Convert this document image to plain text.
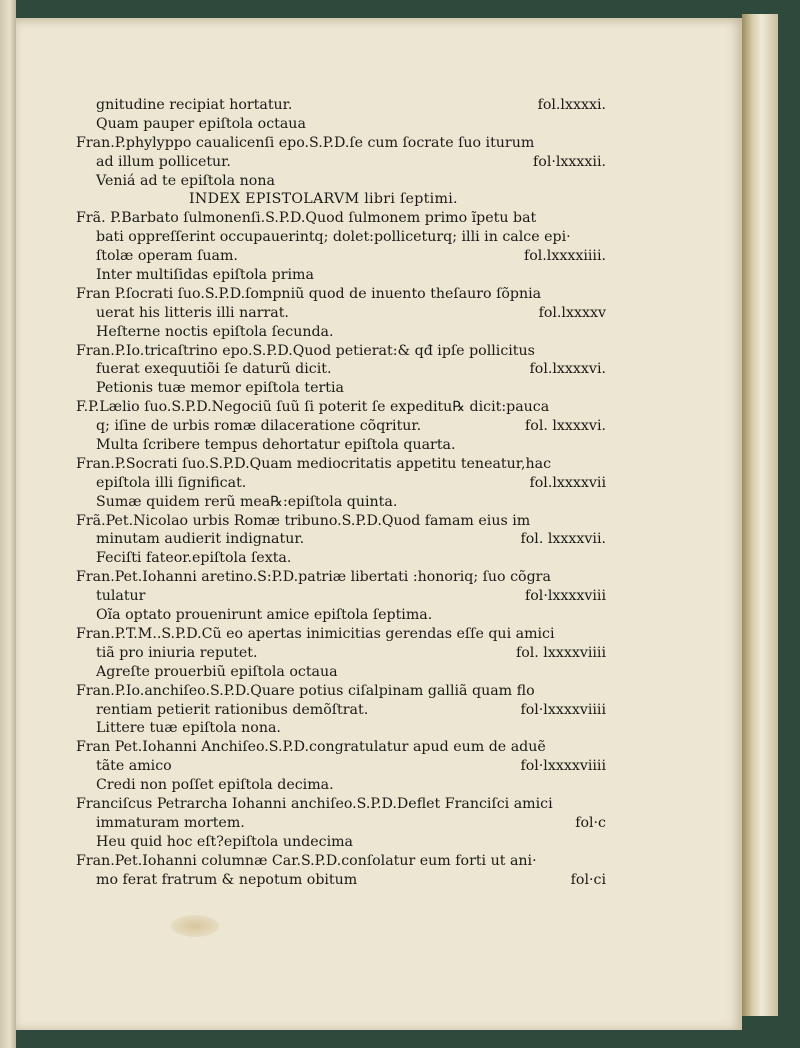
gnitudine recipiat hortatur.	fol.lxxxxi.
Quam pauper epiſtola octaua
Fran.P.phylyppo caualicenſi epo.S.P.D.ſe cum ſocrate ſuo iturum
ad illum pollicetur.	fol·lxxxxii.
Veniá ad te epiſtola nona
INDEX EPISTOLARVM libri ſeptimi.
Frã. P.Barbato ſulmonenſi.S.P.D.Quod ſulmonem primo ĩpetu bat
bati oppreſſerint occupauerintq; dolet:polliceturq; illi in calce epi·
ſtolæ operam ſuam.	fol.lxxxxiiii.
Inter multiſidas epiſtola prima
Fran P.ſocrati ſuo.S.P.D.ſompniũ quod de inuento theſauro ſõpnia
uerat his litteris illi narrat.	fol.lxxxxv
Heſterne noctis epiſtola ſecunda.
Fran.P.Io.tricaſtrino epo.S.P.D.Quod petierat:& qđ ipſe pollicitus
fuerat exequutiõi ſe daturũ dicit.	fol.lxxxxvi.
Petionis tuæ memor epiſtola tertia
F.P.Lælio ſuo.S.P.D.Negociũ ſuũ ſi poterit ſe expeditu℞ dicit:pauca
q; iſine de urbis romæ dilaceratione cõqritur.	fol. lxxxxvi.
Multa ſcribere tempus dehortatur epiſtola quarta.
Fran.P.Socrati ſuo.S.P.D.Quam mediocritatis appetitu teneatur,hac
epiſtola illi ſignificat.	fol.lxxxxvii
Sumæ quidem rerũ mea℞:epiſtola quinta.
Frã.Pet.Nicolao urbis Romæ tribuno.S.P.D.Quod famam eius im
minutam audierit indignatur.	fol. lxxxxvii.
Feciſti fateor.epiſtola ſexta.
Fran.Pet.Iohanni aretino.S:P.D.patriæ libertati :honoriq; ſuo cõgra
tulatur	fol·lxxxxviii
Oĩa optato prouenirunt amice epiſtola ſeptima.
Fran.P.T.M..S.P.D.Cũ eo apertas inimicitias gerendas eſſe qui amici
tiã pro iniuria reputet.	fol. lxxxxviiii
Agreſte prouerbiũ epiſtola octaua
Fran.P.Io.anchiſeo.S.P.D.Quare potius ciſalpinam galliã quam flo
rentiam petierit rationibus demõſtrat.	fol·lxxxxviiii
Littere tuæ epiſtola nona.
Fran Pet.Iohanni Anchiſeo.S.P.D.congratulatur apud eum de aduẽ
tãte amico	fol·lxxxxviiii
Credi non poſſet epiſtola decima.
Franciſcus Petrarcha Iohanni anchiſeo.S.P.D.Deflet Franciſci amici
immaturam mortem.	fol·c
Heu quid hoc eſt?epiſtola undecima
Fran.Pet.Iohanni columnæ Car.S.P.D.conſolatur eum forti ut ani·
mo ferat fratrum & nepotum obitum	fol·ci
